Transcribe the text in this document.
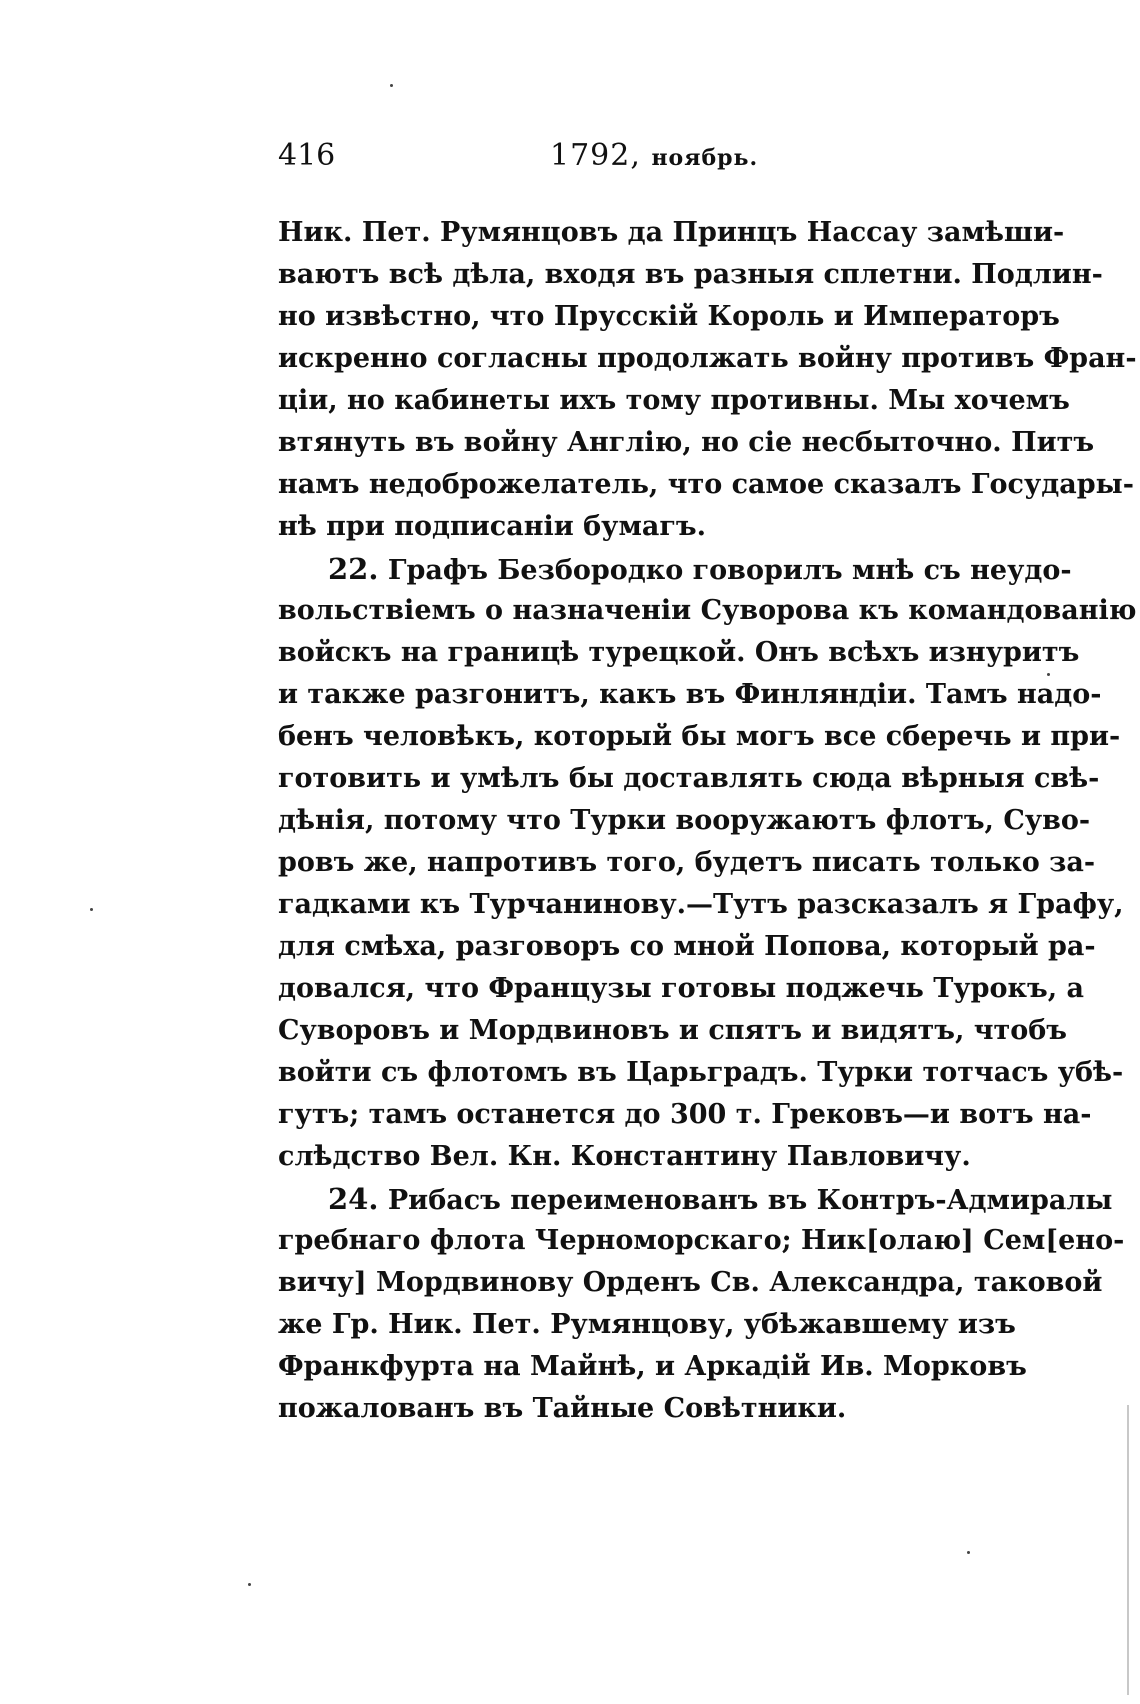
416	1792, ноябрь.
Ник. Пет. Румянцовъ да Принцъ Нассау замѣши-
ваютъ всѣ дѣла, входя въ разныя сплетни. Подлин-
но извѣстно, что Прусскій Король и Императоръ
искренно согласны продолжать войну противъ Фран-
ціи, но кабинеты ихъ тому противны. Мы хочемъ
втянуть въ войну Англію, но сіе несбыточно. Питъ
намъ недоброжелатель, что самое сказалъ Государы-
нѣ при подписаніи бумагъ.
22. Графъ Безбородко говорилъ мнѣ съ неудо-
вольствіемъ о назначеніи Суворова къ командованію
войскъ на границѣ турецкой. Онъ всѣхъ изнуритъ
и также разгонитъ, какъ въ Финляндіи. Тамъ надо-
бенъ человѣкъ, который бы могъ все сберечь и при-
готовить и умѣлъ бы доставлять сюда вѣрныя свѣ-
дѣнія, потому что Турки вооружаютъ флотъ, Суво-
ровъ же, напротивъ того, будетъ писать только за-
гадками къ Турчанинову.—Тутъ разсказалъ я Графу,
для смѣха, разговоръ со мной Попова, который ра-
довался, что Французы готовы поджечь Турокъ, а
Суворовъ и Мордвиновъ и спятъ и видятъ, чтобъ
войти съ флотомъ въ Царьградъ. Турки тотчасъ убѣ-
гутъ; тамъ останется до 300 т. Грековъ—и вотъ на-
слѣдство Вел. Кн. Константину Павловичу.
24. Рибасъ переименованъ въ Контръ-Адмиралы
гребнаго флота Черноморскаго; Ник[олаю] Сем[ено-
вичу] Мордвинову Орденъ Св. Александра, таковой
же Гр. Ник. Пет. Румянцову, убѣжавшему изъ
Франкфурта на Майнѣ, и Аркадій Ив. Морковъ
пожалованъ въ Тайные Совѣтники.
